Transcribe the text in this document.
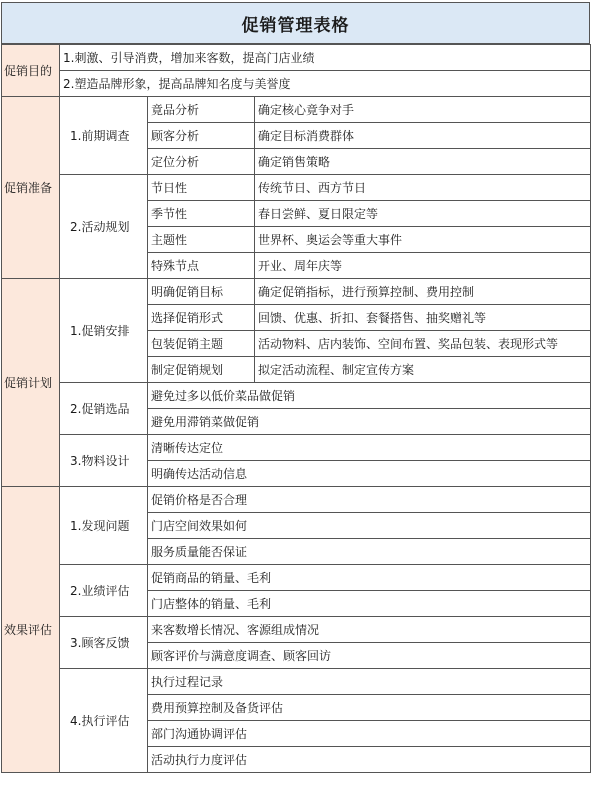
促销管理表格
促销目的	1.刺激、引导消费，增加来客数，提高门店业绩		
	2.塑造品牌形象，提高品牌知名度与美誉度		
促销准备	1.前期调查	竟品分析	确定核心竟争对手
		顾客分析	确定目标消费群体
		定位分析	确定销售策略
	2.活动规划	节日性	传统节日、西方节日
		季节性	春日尝鲜、夏日限定等
		主题性	世界杯、奥运会等重大事件
		特殊节点	开业、周年庆等
促销计划	1.促销安排	明确促销目标	确定促销指标，进行预算控制、费用控制
		选择促销形式	回馈、优惠、折扣、套餐搭售、抽奖赠礼等
		包装促销主题	活动物料、店内装饰、空间布置、奖品包装、表现形式等
		制定促销规划	拟定活动流程、制定宣传方案
	2.促销选品	避免过多以低价菜品做促销	
		避免用滞销菜做促销	
	3.物料设计	清晰传达定位	
		明确传达活动信息	
效果评估	1.发现问题	促销价格是否合理	
		门店空间效果如何	
		服务质量能否保证	
	2.业绩评估	促销商品的销量、毛利	
		门店整体的销量、毛利	
	3.顾客反馈	来客数增长情况、客源组成情况	
		顾客评价与满意度调查、顾客回访	
	4.执行评估	执行过程记录	
		费用预算控制及备货评估	
		部门沟通协调评估	
		活动执行力度评估	
